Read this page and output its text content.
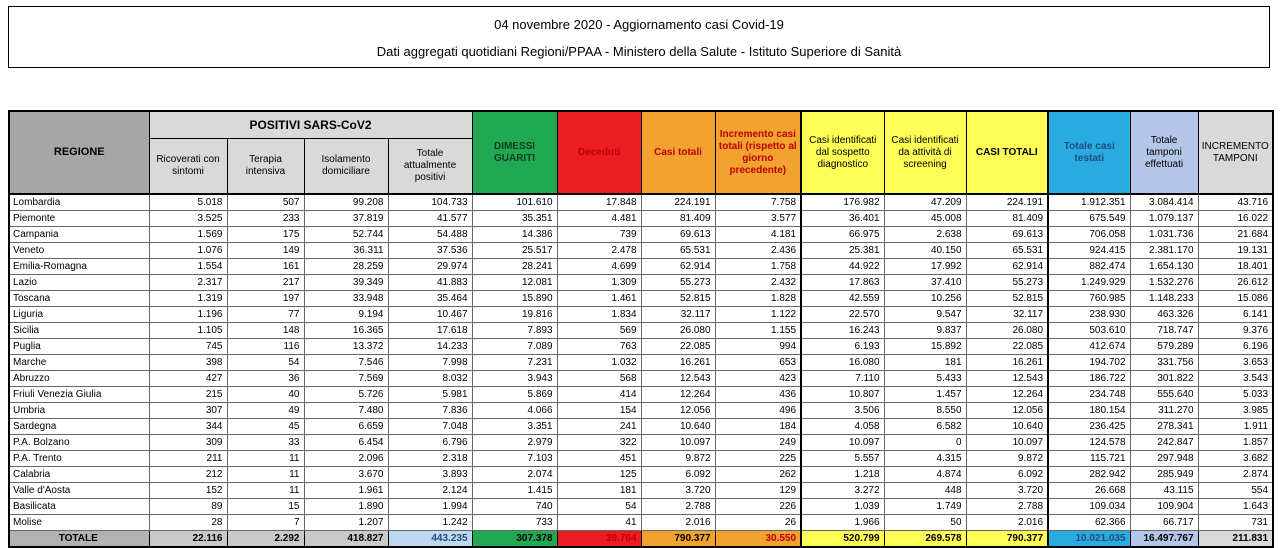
04 novembre 2020 - Aggiornamento casi Covid-19
Dati aggregati quotidiani Regioni/PPAA - Ministero della Salute - Istituto Superiore di Sanità
REGIONE	POSITIVI SARS-CoV2				DIMESSI GUARITI	Deceduti	Casi totali	Incremento casi totali (rispetto al giorno precedente)	Casi identificati dal sospetto diagnostico	Casi identificati da attività di screening	CASI TOTALI	Totale casi testati	Totale tamponi effettuati	INCREMENTO TAMPONI
	Ricoverati con sintomi	Terapia intensiva	Isolamento domiciliare	Totale attualmente positivi										
Lombardia	5.018	507	99.208	104.733	101.610	17.848	224.191	7.758	176.982	47.209	224.191	1.912.351	3.084.414	43.716
Piemonte	3.525	233	37.819	41.577	35.351	4.481	81.409	3.577	36.401	45.008	81.409	675.549	1.079.137	16.022
Campania	1.569	175	52.744	54.488	14.386	739	69.613	4.181	66.975	2.638	69.613	706.058	1.031.736	21.684
Veneto	1.076	149	36.311	37.536	25.517	2.478	65.531	2.436	25.381	40.150	65.531	924.415	2.381.170	19.131
Emilia-Romagna	1.554	161	28.259	29.974	28.241	4.699	62.914	1.758	44.922	17.992	62.914	882.474	1.654.130	18.401
Lazio	2.317	217	39.349	41.883	12.081	1.309	55.273	2.432	17.863	37.410	55.273	1.249.929	1.532.276	26.612
Toscana	1.319	197	33.948	35.464	15.890	1.461	52.815	1.828	42.559	10.256	52.815	760.985	1.148.233	15.086
Liguria	1.196	77	9.194	10.467	19.816	1.834	32.117	1.122	22.570	9.547	32.117	238.930	463.326	6.141
Sicilia	1.105	148	16.365	17.618	7.893	569	26.080	1.155	16.243	9.837	26.080	503.610	718.747	9.376
Puglia	745	116	13.372	14.233	7.089	763	22.085	994	6.193	15.892	22.085	412.674	579.289	6.196
Marche	398	54	7.546	7.998	7.231	1.032	16.261	653	16.080	181	16.261	194.702	331.756	3.653
Abruzzo	427	36	7.569	8.032	3.943	568	12.543	423	7.110	5.433	12.543	186.722	301.822	3.543
Friuli Venezia Giulia	215	40	5.726	5.981	5.869	414	12.264	436	10.807	1.457	12.264	234.748	555.640	5.033
Umbria	307	49	7.480	7.836	4.066	154	12.056	496	3.506	8.550	12.056	180.154	311.270	3.985
Sardegna	344	45	6.659	7.048	3.351	241	10.640	184	4.058	6.582	10.640	236.425	278.341	1.911
P.A. Bolzano	309	33	6.454	6.796	2.979	322	10.097	249	10.097	0	10.097	124.578	242.847	1.857
P.A. Trento	211	11	2.096	2.318	7.103	451	9.872	225	5.557	4.315	9.872	115.721	297.948	3.682
Calabria	212	11	3.670	3.893	2.074	125	6.092	262	1.218	4.874	6.092	282.942	285.949	2.874
Valle d'Aosta	152	11	1.961	2.124	1.415	181	3.720	129	3.272	448	3.720	26.668	43.115	554
Basilicata	89	15	1.890	1.994	740	54	2.788	226	1.039	1.749	2.788	109.034	109.904	1.643
Molise	28	7	1.207	1.242	733	41	2.016	26	1.966	50	2.016	62.366	66.717	731
TOTALE	22.116	2.292	418.827	443.235	307.378	39.764	790.377	30.550	520.799	269.578	790.377	10.021.035	16.497.767	211.831
